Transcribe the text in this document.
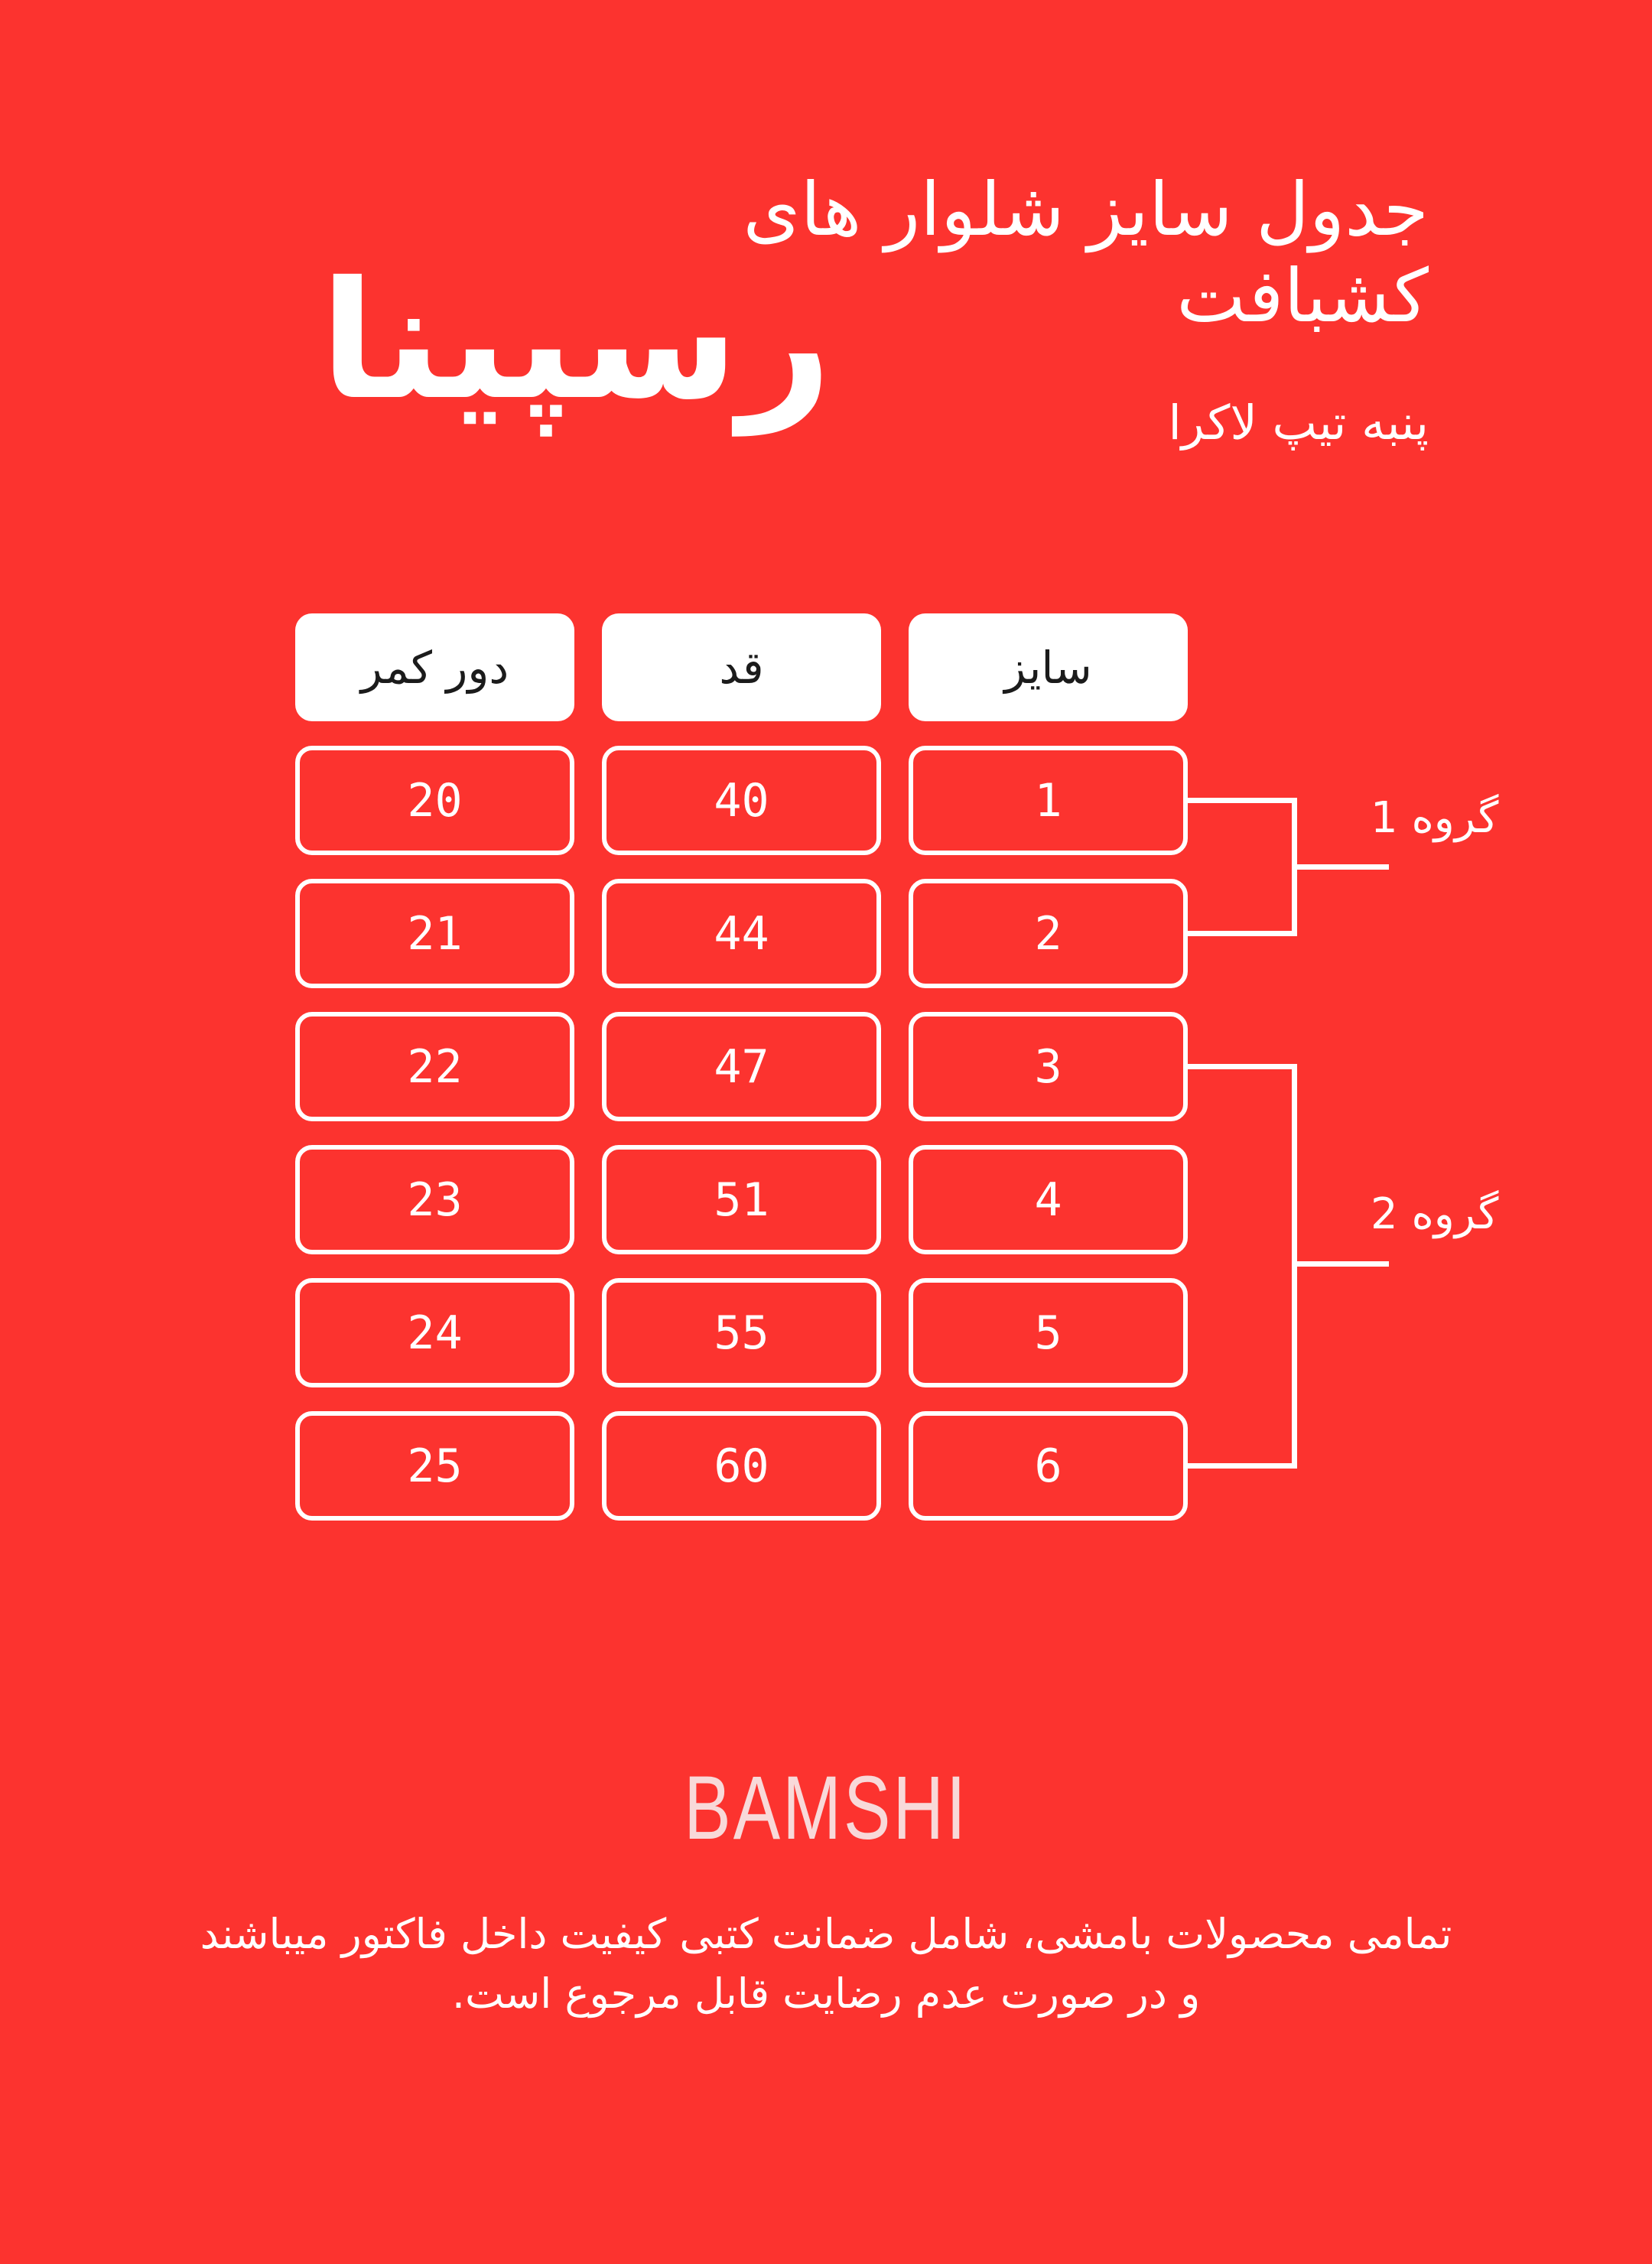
جدول سایز شلوار های
کشبافت
پنبه تیپ لاکرا
رسپینا
سایز
قد
دور کمر
1
40
20
2
44
21
3
47
22
4
51
23
5
55
24
6
60
25
گروه 1
گروه 2
BAMSHI
تمامی محصولات بامشی، شامل ضمانت کتبی کیفیت داخل فاکتور میباشند
و در صورت عدم رضایت قابل مرجوع است.
